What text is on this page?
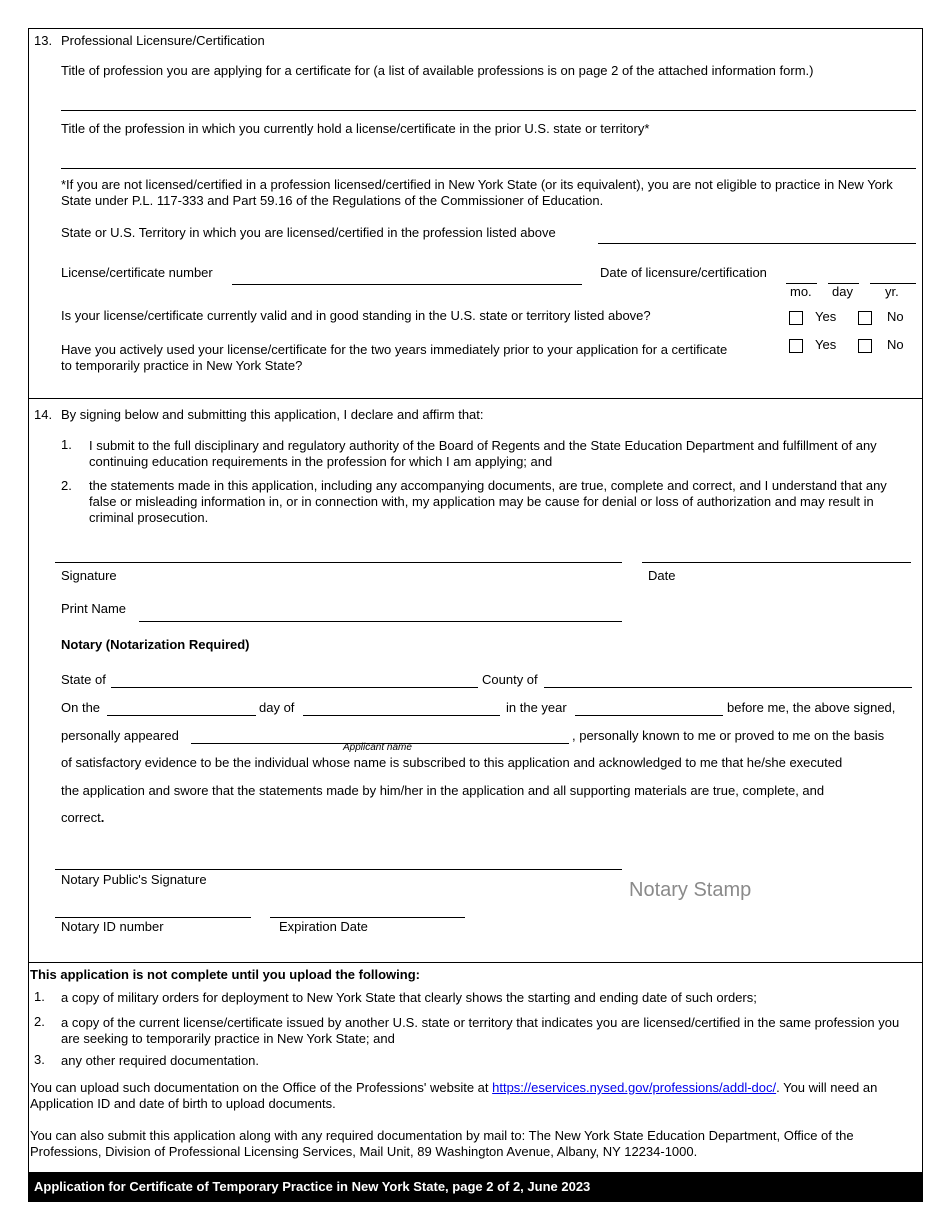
13. Professional Licensure/Certification
Title of profession you are applying for a certificate for (a list of available professions is on page 2 of the attached information form.)
Title of the profession in which you currently hold a license/certificate in the prior U.S. state or territory*
*If you are not licensed/certified in a profession licensed/certified in New York State (or its equivalent), you are not eligible to practice in New York State under P.L. 117-333 and Part 59.16 of the Regulations of the Commissioner of Education.
State or U.S. Territory in which you are licensed/certified in the profession listed above
License/certificate number	Date of licensure/certification
mo. day yr.
Is your license/certificate currently valid and in good standing in the U.S. state or territory listed above?	Yes	No
Have you actively used your license/certificate for the two years immediately prior to your application for a certificate to temporarily practice in New York State?
Yes	No
14. By signing below and submitting this application, I declare and affirm that:
1. I submit to the full disciplinary and regulatory authority of the Board of Regents and the State Education Department and fulfillment of any continuing education requirements in the profession for which I am applying; and
2. the statements made in this application, including any accompanying documents, are true, complete and correct, and I understand that any false or misleading information in, or in connection with, my application may be cause for denial or loss of authorization and may result in criminal prosecution.
Signature	Date
Print Name
Notary (Notarization Required)
State of	County of
On the	day of	in the year	before me, the above signed,
personally appeared
Applicant name
, personally known to me or proved to me on the basis
of satisfactory evidence to be the individual whose name is subscribed to this application and acknowledged to me that he/she executed
the application and swore that the statements made by him/her in the application and all supporting materials are true, complete, and
correct.
Notary Public's Signature	Notary Stamp
Notary ID number	Expiration Date
This application is not complete until you upload the following:
1. a copy of military orders for deployment to New York State that clearly shows the starting and ending date of such orders;
2. a copy of the current license/certificate issued by another U.S. state or territory that indicates you are licensed/certified in the same profession you are seeking to temporarily practice in New York State; and
3. any other required documentation.
You can upload such documentation on the Office of the Professions' website at https://eservices.nysed.gov/professions/addl-doc/. You will need an Application ID and date of birth to upload documents.
You can also submit this application along with any required documentation by mail to: The New York State Education Department, Office of the Professions, Division of Professional Licensing Services, Mail Unit, 89 Washington Avenue, Albany, NY 12234-1000.
Application for Certificate of Temporary Practice in New York State, page 2 of 2, June 2023
